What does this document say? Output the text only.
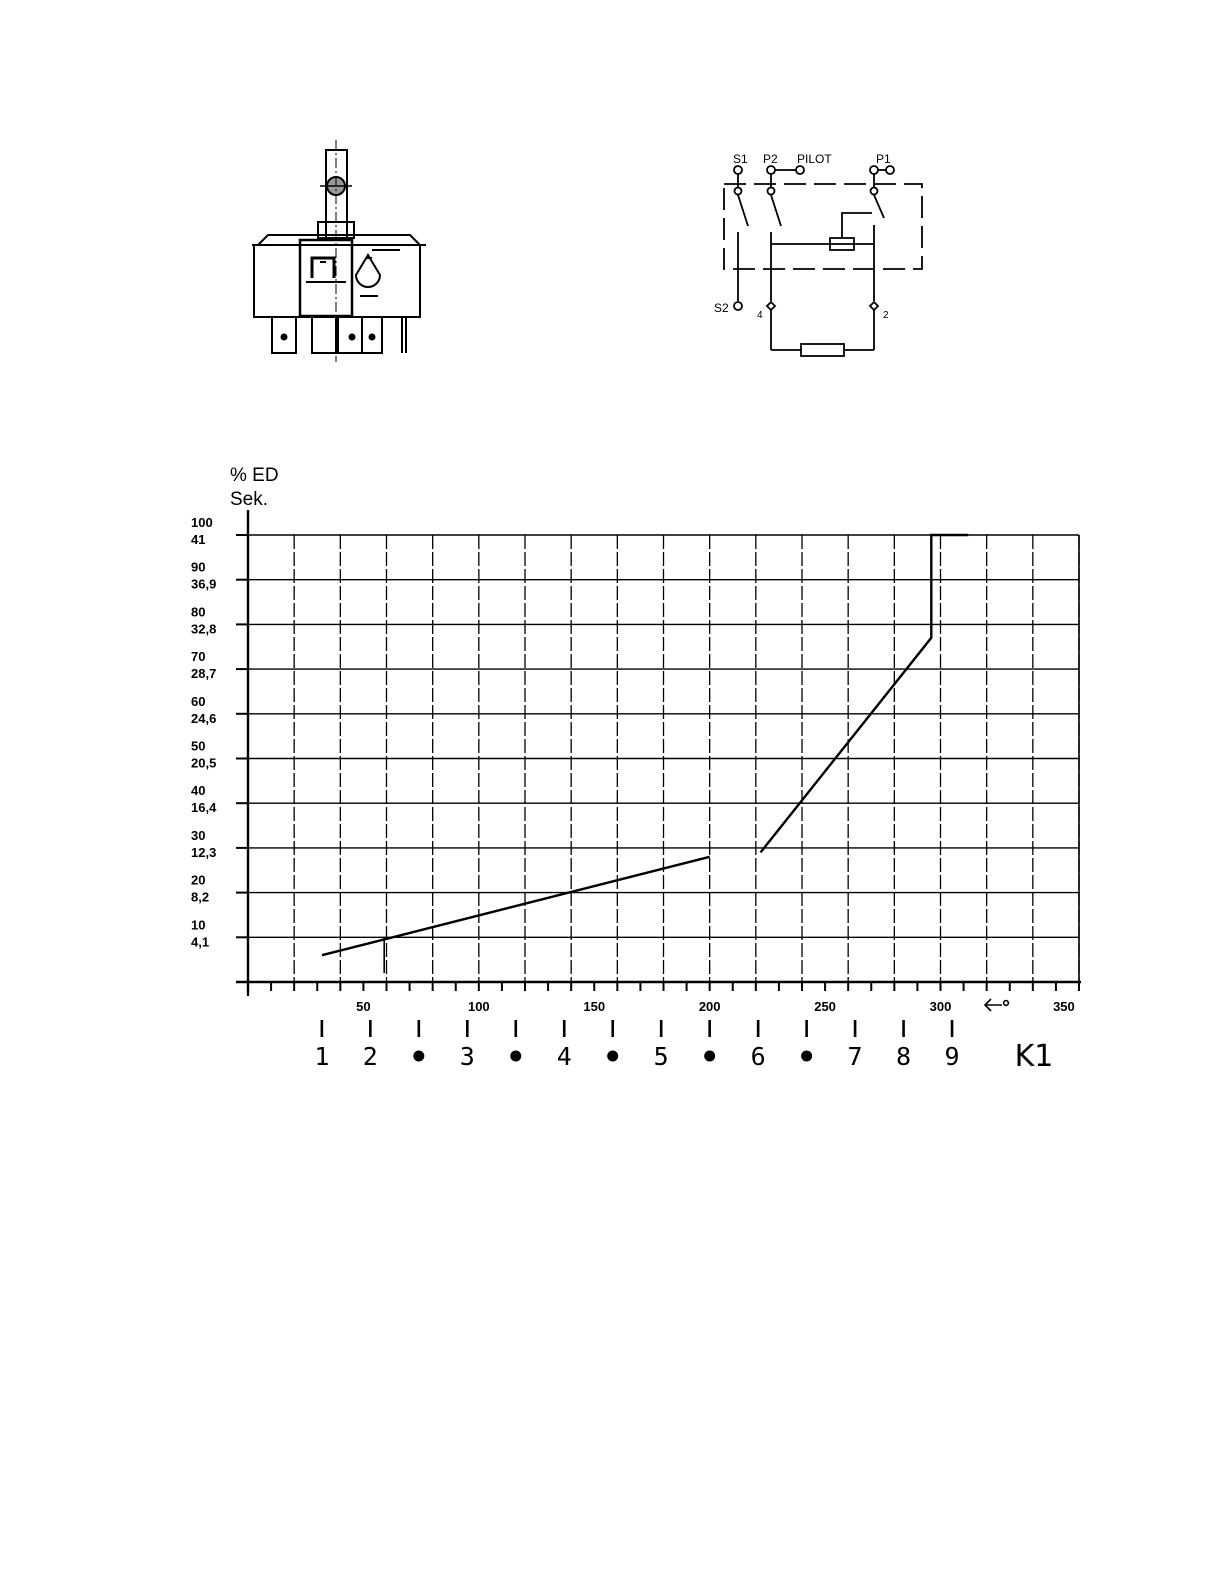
S1 P2 PILOT	P1
S2
4	2
% ED
Sek.
100
41
90
36,9
80
32,8
70
28,7
60
24,6
50
20,5
40
16,4
30
12,3
20
8,2
10
4,1
50	100	150	200	250	300	350
1 2	3	4	5	6	7 8 9 K1
